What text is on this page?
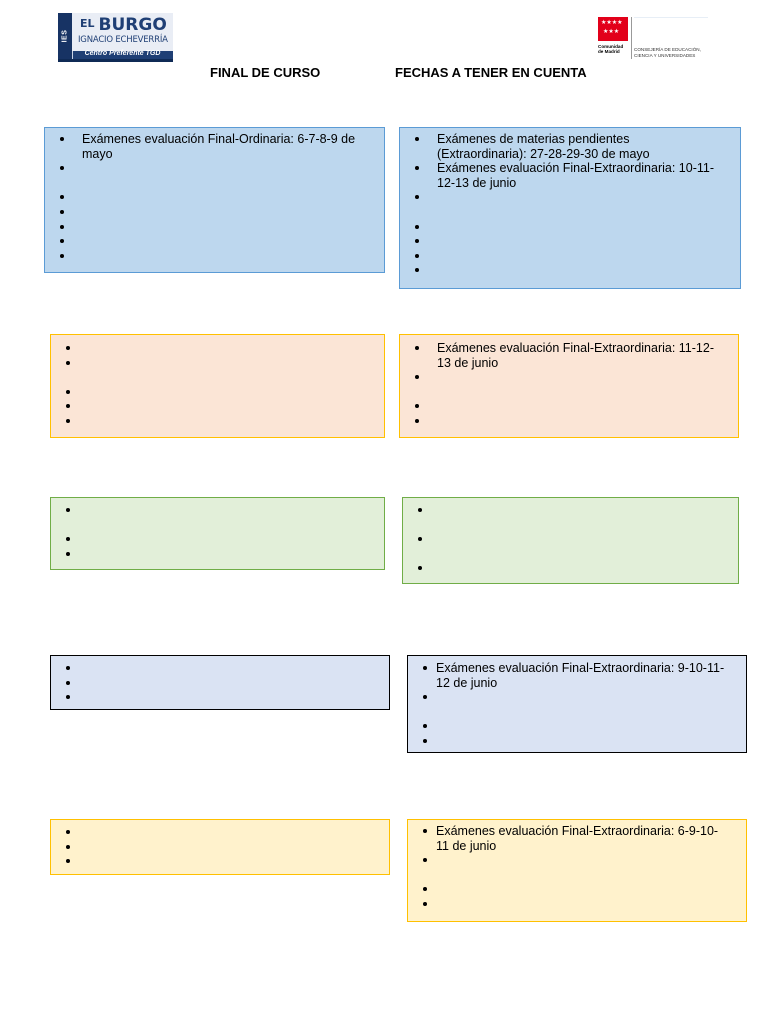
IES
EL BURGO
IGNACIO ECHEVERRÍA
Centro Preferente TGD
★★★★
★★★
Comunidad
de Madrid	CONSEJERÍA DE EDUCACIÓN,
CIENCIA Y UNIVERSIDADES
FINAL DE CURSO	FECHAS A TENER EN CUENTA
Exámenes evaluación Final-Ordinaria: 6-7-8-9 de
mayo
Exámenes de materias pendientes
(Extraordinaria): 27-28-29-30 de mayo
Exámenes evaluación Final-Extraordinaria: 10-11-
12-13 de junio
Exámenes evaluación Final-Extraordinaria: 11-12-
13 de junio
Exámenes evaluación Final-Extraordinaria: 9-10-11-
12 de junio
Exámenes evaluación Final-Extraordinaria: 6-9-10-
11 de junio
